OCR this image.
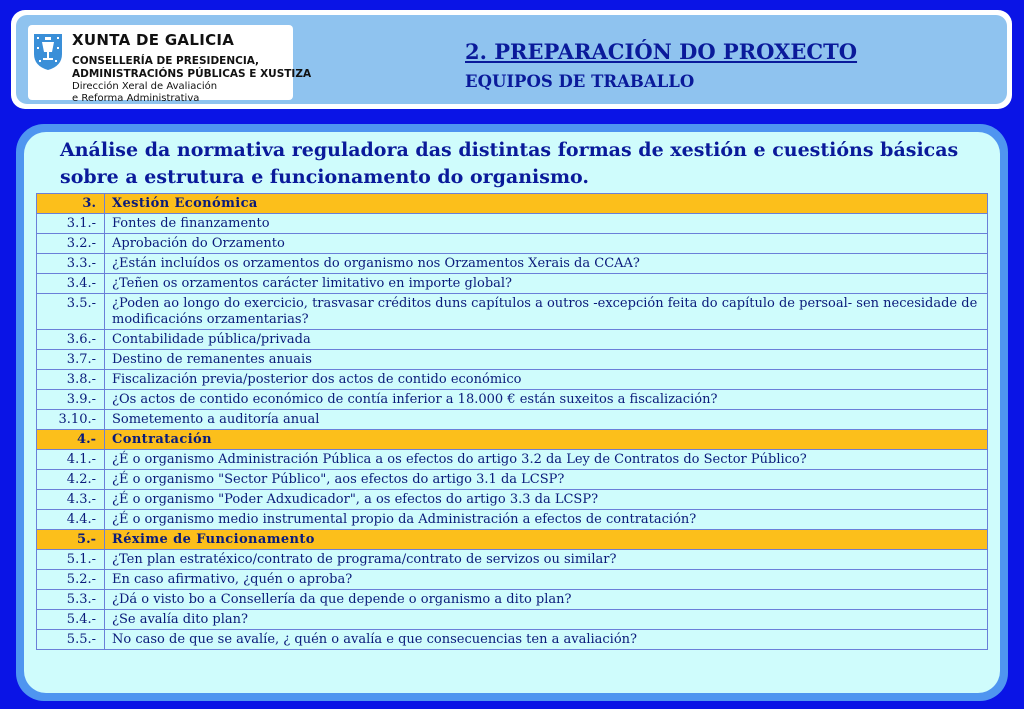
XUNTA DE GALICIA
CONSELLERÍA DE PRESIDENCIA,
ADMINISTRACIÓNS PÚBLICAS E XUSTIZA
Dirección Xeral de Avaliación
e Reforma Administrativa
2. PREPARACIÓN DO PROXECTO
EQUIPOS DE TRABALLO
Análise da normativa reguladora das distintas formas de xestión e cuestións básicas sobre a estrutura e funcionamento do organismo.
3.	Xestión Económica
3.1.-	Fontes de finanzamento
3.2.-	Aprobación do Orzamento
3.3.-	¿Están incluídos os orzamentos do organismo nos Orzamentos Xerais da CCAA?
3.4.-	¿Teñen os orzamentos carácter limitativo en importe global?
3.5.-	¿Poden ao longo do exercicio, trasvasar créditos duns capítulos a outros -excepción feita do capítulo de persoal- sen necesidade de modificacións orzamentarias?
3.6.-	Contabilidade pública/privada
3.7.-	Destino de remanentes anuais
3.8.-	Fiscalización previa/posterior dos actos de contido económico
3.9.-	¿Os actos de contido económico de contía inferior a 18.000 € están suxeitos a fiscalización?
3.10.-	Sometemento a auditoría anual
4.-	Contratación
4.1.-	¿É o organismo Administración Pública a os efectos do artigo 3.2 da Ley de Contratos do Sector Público?
4.2.-	¿É o organismo "Sector Público", aos efectos do artigo 3.1 da LCSP?
4.3.-	¿É o organismo "Poder Adxudicador", a os efectos do artigo 3.3 da LCSP?
4.4.-	¿É o organismo medio instrumental propio da Administración a efectos de contratación?
5.-	Réxime de Funcionamento
5.1.-	¿Ten plan estratéxico/contrato de programa/contrato de servizos ou similar?
5.2.-	En caso afirmativo, ¿quén o aproba?
5.3.-	¿Dá o visto bo a Consellería da que depende o organismo a dito plan?
5.4.-	¿Se avalía dito plan?
5.5.-	No caso de que se avalíe, ¿ quén o avalía e que consecuencias ten a avaliación?
